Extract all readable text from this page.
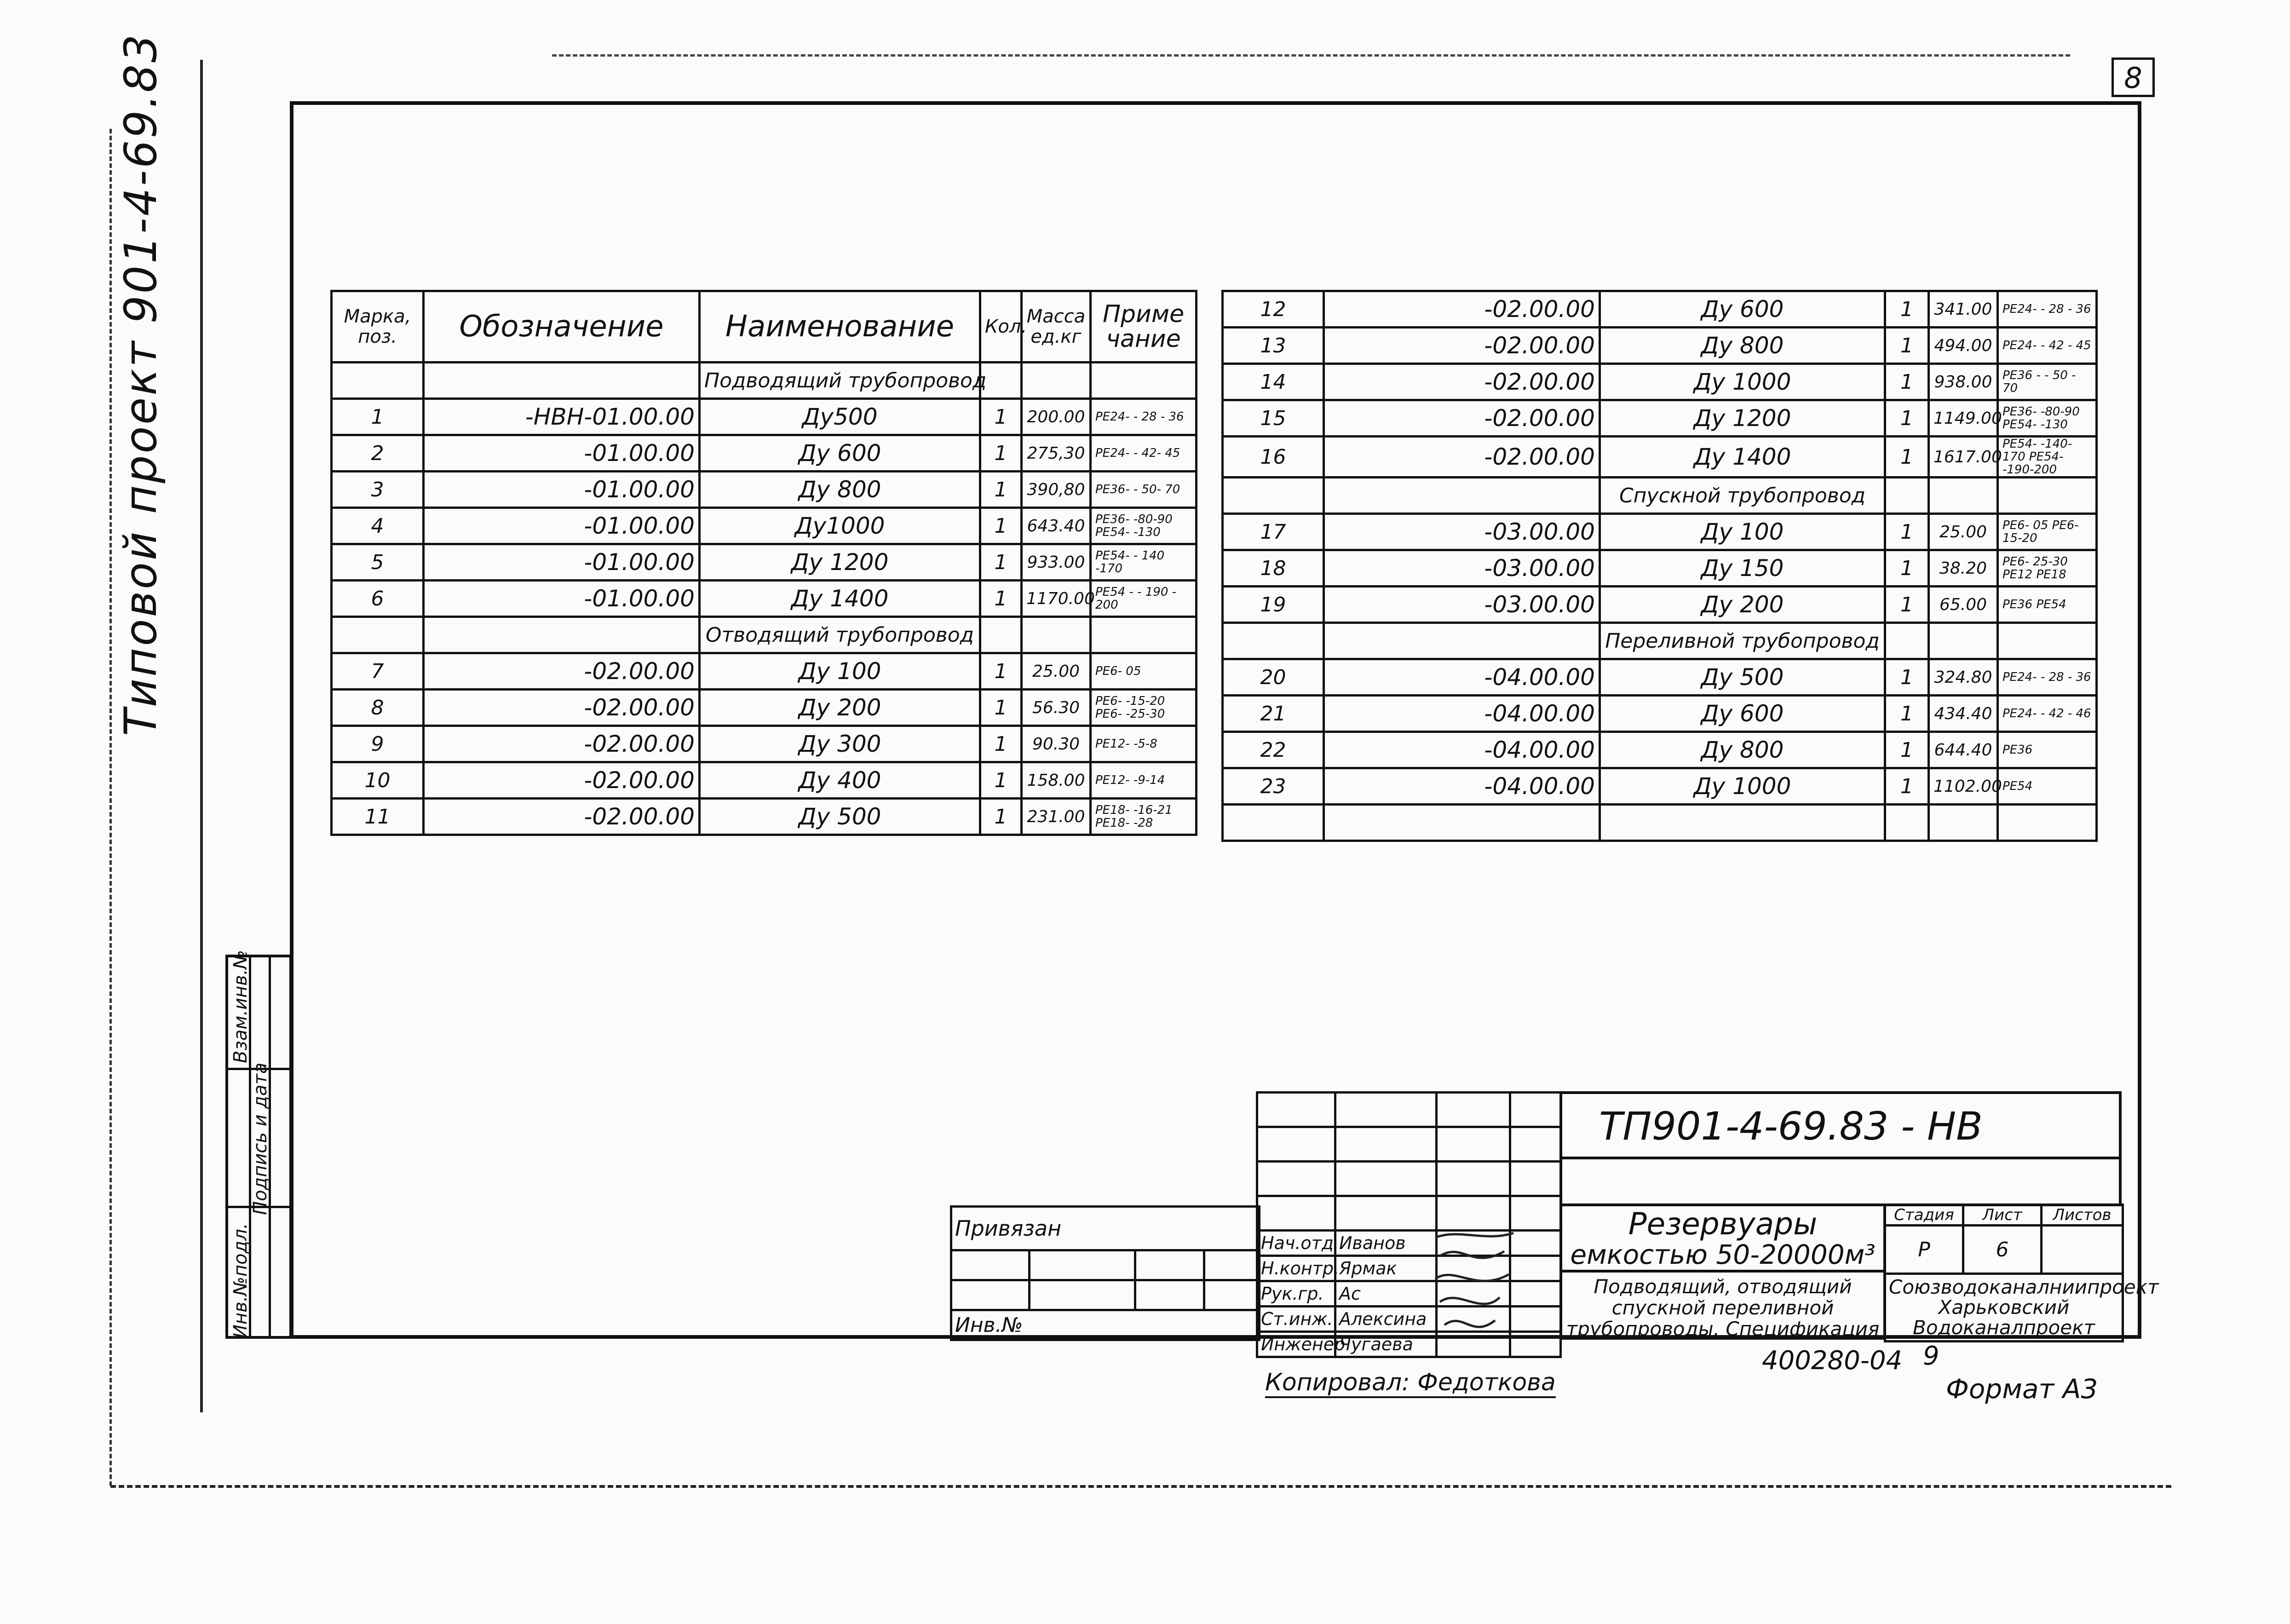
8
Типовой проект 901-4-69.83
Инв.№подл.
Подпись и дата
Взам.инв.№
Марка, поз.	Обозначение	Наименование	Кол.	Масса ед.кг	Приме чание
		Подводящий трубопровод			
1	-НВН-01.00.00	Ду500	1	200.00	PE24- - 28 - 36
2	-01.00.00	Ду 600	1	275,30	PE24- - 42- 45
3	-01.00.00	Ду 800	1	390,80	PE36- - 50- 70
4	-01.00.00	Ду1000	1	643.40	PE36- -80-90 PE54- -130
5	-01.00.00	Ду 1200	1	933.00	PE54- - 140 -170
6	-01.00.00	Ду 1400	1	1170.00	PE54 - - 190 - 200
		Отводящий трубопровод			
7	-02.00.00	Ду 100	1	25.00	PE6- 05
8	-02.00.00	Ду 200	1	56.30	PE6- -15-20 PE6- -25-30
9	-02.00.00	Ду 300	1	90.30	PE12- -5-8
10	-02.00.00	Ду 400	1	158.00	PE12- -9-14
11	-02.00.00	Ду 500	1	231.00	PE18- -16-21 PE18- -28
12	-02.00.00	Ду 600	1	341.00	PE24- - 28 - 36
13	-02.00.00	Ду 800	1	494.00	PE24- - 42 - 45
14	-02.00.00	Ду 1000	1	938.00	PE36 - - 50 - 70
15	-02.00.00	Ду 1200	1	1149.00	PE36- -80-90 PE54- -130
16	-02.00.00	Ду 1400	1	1617.00	PE54- -140-170 PE54- -190-200
		Спускной трубопровод			
17	-03.00.00	Ду 100	1	25.00	PE6- 05 PE6-15-20
18	-03.00.00	Ду 150	1	38.20	PE6- 25-30 PE12 PE18
19	-03.00.00	Ду 200	1	65.00	PE36 PE54
		Переливной трубопровод			
20	-04.00.00	Ду 500	1	324.80	PE24- - 28 - 36
21	-04.00.00	Ду 600	1	434.40	PE24- - 42 - 46
22	-04.00.00	Ду 800	1	644.40	PE36
23	-04.00.00	Ду 1000	1	1102.00	PE54

Нач.отд	Иванов		
Н.контр.	Ярмак		
Рук.гр.	Ас		
Ст.инж.	Алексина		
Инженер	Чугаева		
Привязан			

Инв.№			
ТП901-4-69.83 - НВ
Резервуары
емкостью 50-20000м³
Подводящий, отводящий спускной переливной трубопроводы. Спецификация
Стадия	Лист	Листов
Р	6	

Союзводоканалниипроект
Харьковский
Водоканалпроект		
400280-04 9
Копировал: Федоткова	Формат А3
